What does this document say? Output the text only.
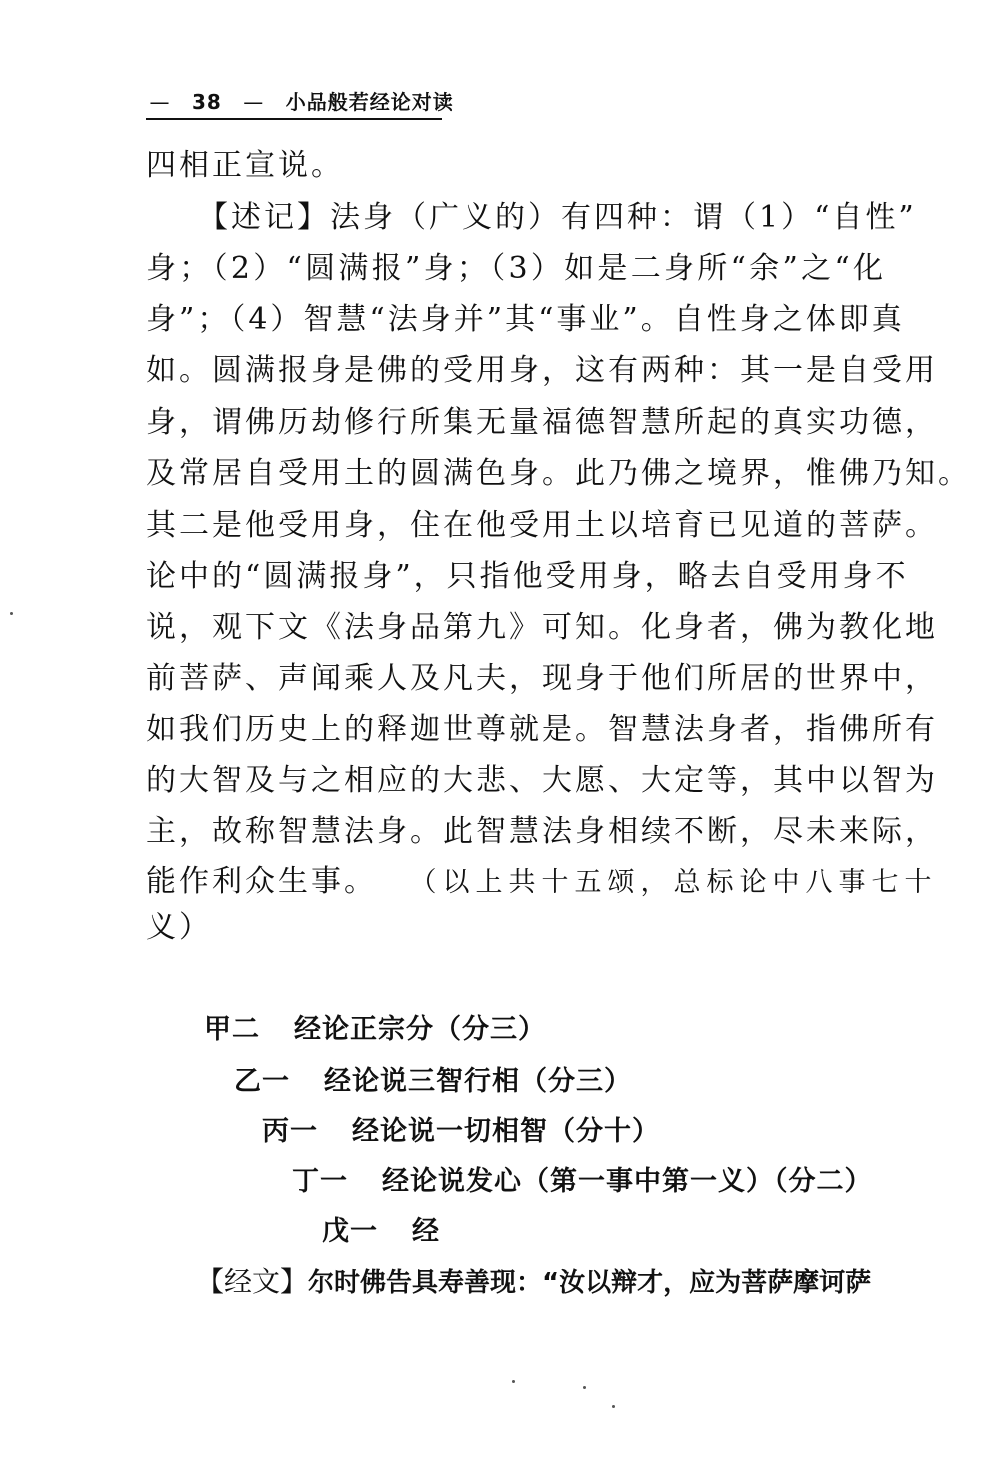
— 38 — 小品般若经论对读
四相正宣说。
【述记】法身（广义的）有四种：谓（1）“自性”
身；（2）“圆满报”身；（3）如是二身所“余”之“化
身”；（4）智慧“法身并”其“事业”。自性身之体即真
如。圆满报身是佛的受用身，这有两种：其一是自受用
身，谓佛历劫修行所集无量福德智慧所起的真实功德，
及常居自受用土的圆满色身。此乃佛之境界，惟佛乃知。
其二是他受用身，住在他受用土以培育已见道的菩萨。
论中的“圆满报身”，只指他受用身，略去自受用身不
说，观下文《法身品第九》可知。化身者，佛为教化地
前菩萨、声闻乘人及凡夫，现身于他们所居的世界中，
如我们历史上的释迦世尊就是。智慧法身者，指佛所有
的大智及与之相应的大悲、大愿、大定等，其中以智为
主，故称智慧法身。此智慧法身相续不断，尽未来际，
能作利众生事。 （以上共十五颂，总标论中八事七十
义）
甲二 经论正宗分（分三）
乙一 经论说三智行相（分三）
丙一 经论说一切相智（分十）
丁一 经论说发心（第一事中第一义）（分二）
戊一 经
【经文】尔时佛告具寿善现：“汝以辩才，应为菩萨摩诃萨
